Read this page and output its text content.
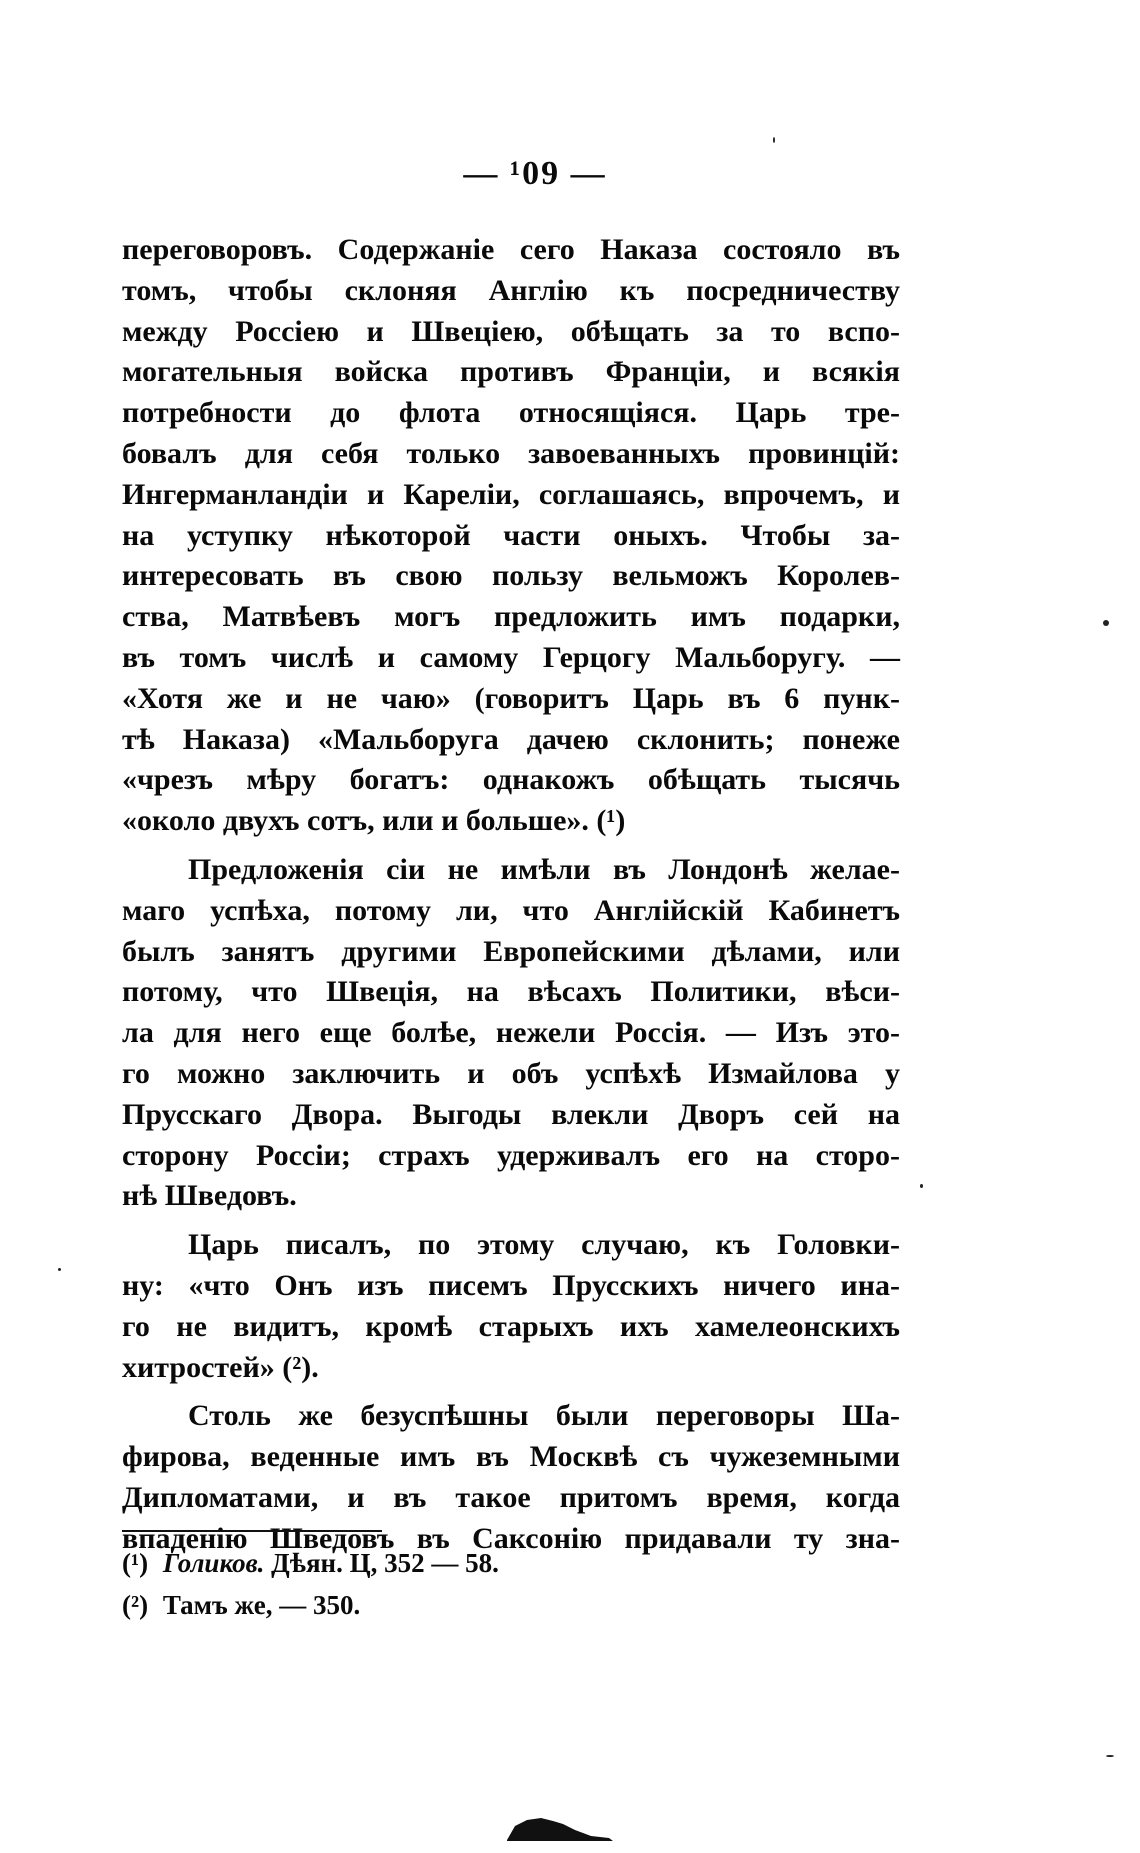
— ¹09 —
переговоровъ. Содержаніе сего Наказа состояло въ
томъ, чтобы склоняя Англію къ посредничеству
между Россіею и Швеціею, обѣщать за то вспо-
могательныя войска противъ Франціи, и всякія
потребности до флота относящіяся. Царь тре-
бовалъ для себя только завоеванныхъ провинцій:
Ингерманландіи и Кареліи, соглашаясь, впрочемъ, и
на уступку нѣкоторой части оныхъ. Чтобы за-
интересовать въ свою пользу вельможъ Королев-
ства, Матвѣевъ могъ предложить имъ подарки,
въ томъ числѣ и самому Герцогу Мальборугу. —
«Хотя же и не чаю» (говоритъ Царь въ 6 пунк-
тѣ Наказа) «Мальборуга дачею склонить; понеже
«чрезъ мѣру богатъ: однакожъ обѣщать тысячь
«около двухъ сотъ, или и больше». (¹)
Предложенія сіи не имѣли въ Лондонѣ желае-
маго успѣха, потому ли, что Англійскій Кабинетъ
былъ занятъ другими Европейскими дѣлами, или
потому, что Швеція, на вѣсахъ Политики, вѣси-
ла для него еще болѣе, нежели Россія. — Изъ это-
го можно заключить и объ успѣхѣ Измайлова у
Прусскаго Двора. Выгоды влекли Дворъ сей на
сторону Россіи; страхъ удерживалъ его на сторо-
нѣ Шведовъ.
Царь писалъ, по этому случаю, къ Головки-
ну: «что Онъ изъ писемъ Прусскихъ ничего ина-
го не видитъ, кромѣ старыхъ ихъ хамелеонскихъ
хитростей» (²).
Столь же безуспѣшны были переговоры Ша-
фирова, веденные имъ въ Москвѣ съ чужеземными
Дипломатами, и въ такое притомъ время, когда
впаденію Шведовъ въ Саксонію придавали ту зна-
(¹) Голиков. Дѣян. Ц, 352 — 58.
(²) Тамъ же, — 350.
